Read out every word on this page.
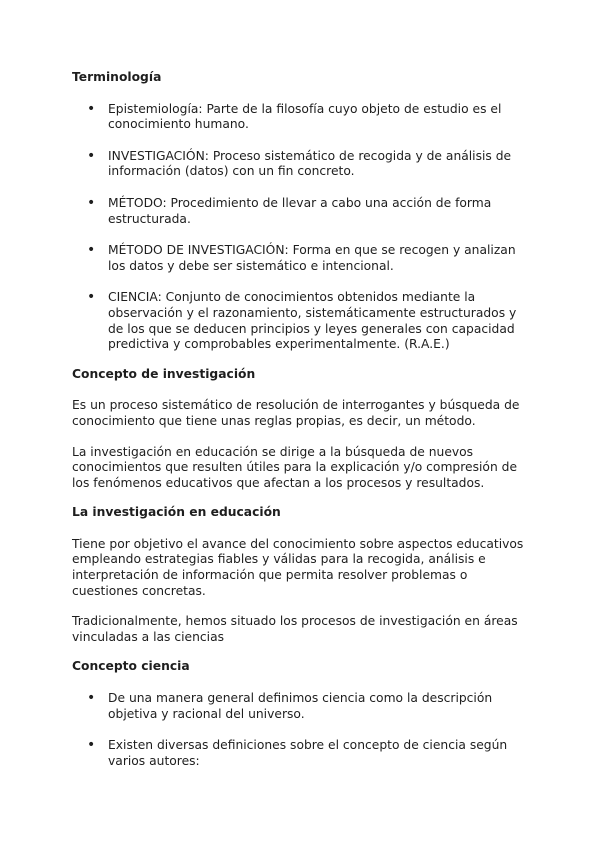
Terminología
• Epistemiología: Parte de la filosofía cuyo objeto de estudio es el conocimiento humano.
• INVESTIGACIÓN: Proceso sistemático de recogida y de análisis de información (datos) con un fin concreto.
• MÉTODO: Procedimiento de llevar a cabo una acción de forma estructurada.
• MÉTODO DE INVESTIGACIÓN: Forma en que se recogen y analizan los datos y debe ser sistemático e intencional.
• CIENCIA: Conjunto de conocimientos obtenidos mediante la observación y el razonamiento, sistemáticamente estructurados y de los que se deducen principios y leyes generales con capacidad predictiva y comprobables experimentalmente. (R.A.E.)
Concepto de investigación

Es un proceso sistemático de resolución de interrogantes y búsqueda de conocimiento que tiene unas reglas propias, es decir, un método.

La investigación en educación se dirige a la búsqueda de nuevos conocimientos que resulten útiles para la explicación y/o compresión de los fenómenos educativos que afectan a los procesos y resultados.

La investigación en educación

Tiene por objetivo el avance del conocimiento sobre aspectos educativos empleando estrategias fiables y válidas para la recogida, análisis e interpretación de información que permita resolver problemas o cuestiones concretas.

Tradicionalmente, hemos situado los procesos de investigación en áreas vinculadas a las ciencias

Concepto ciencia
• De una manera general definimos ciencia como la descripción objetiva y racional del universo.
• Existen diversas definiciones sobre el concepto de ciencia según varios autores:
